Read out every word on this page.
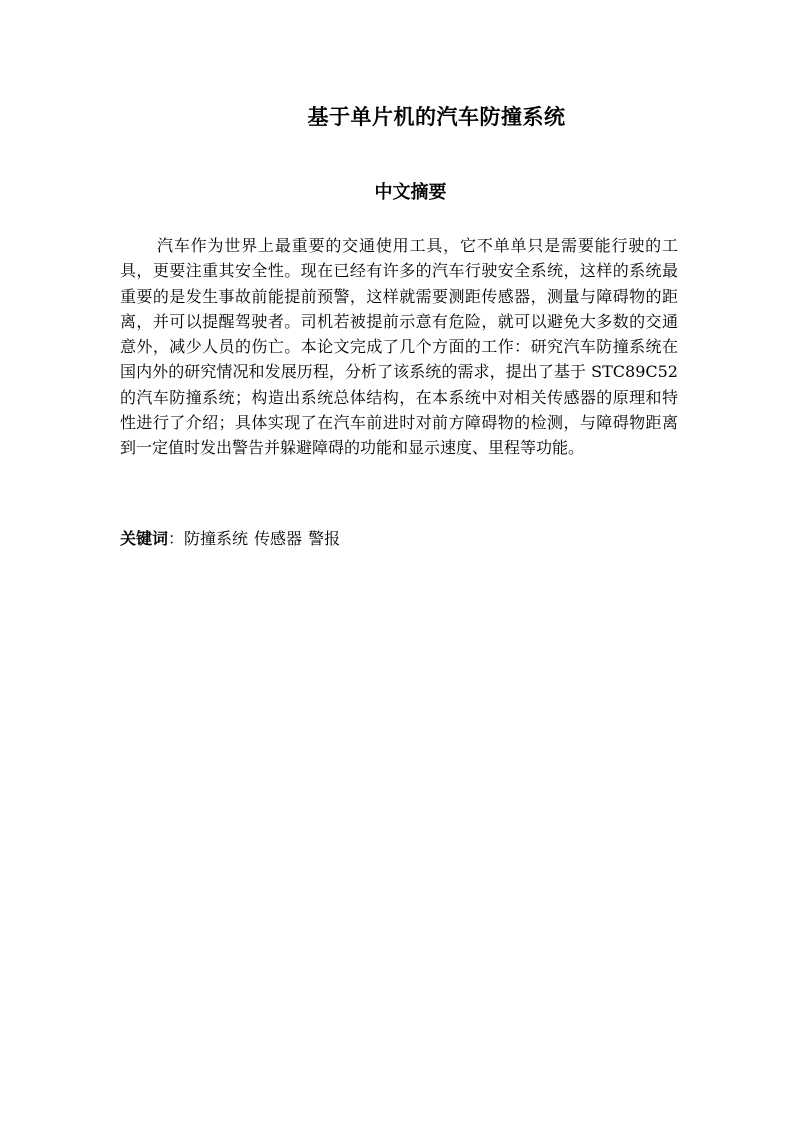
基于单片机的汽车防撞系统
中文摘要

汽车作为世界上最重要的交通使用工具，它不单单只是需要能行驶的工具，更要注重其安全性。现在已经有许多的汽车行驶安全系统，这样的系统最重要的是发生事故前能提前预警，这样就需要测距传感器，测量与障碍物的距离，并可以提醒驾驶者。司机若被提前示意有危险，就可以避免大多数的交通意外，减少人员的伤亡。本论文完成了几个方面的工作：研究汽车防撞系统在国内外的研究情况和发展历程，分析了该系统的需求，提出了基于 STC89C52 的汽车防撞系统；构造出系统总体结构，在本系统中对相关传感器的原理和特性进行了介绍；具体实现了在汽车前进时对前方障碍物的检测，与障碍物距离到一定值时发出警告并躲避障碍的功能和显示速度、里程等功能。

关键词：防撞系统 传感器 警报
